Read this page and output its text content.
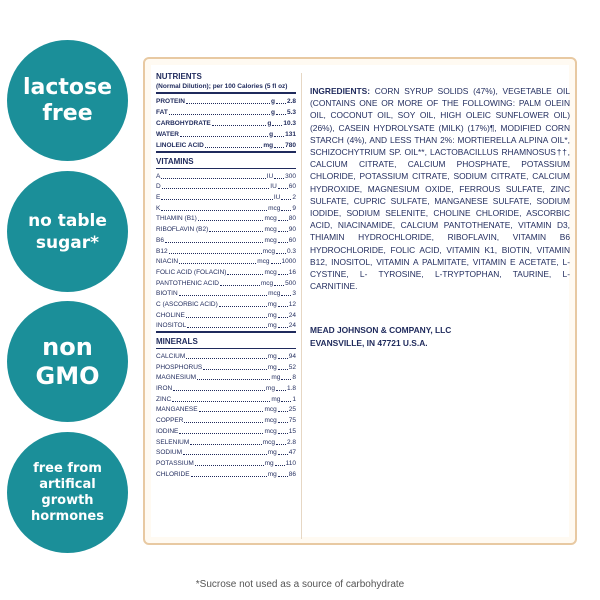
lactose
free
no table
sugar*
non
GMO
free from
artifical
growth
hormones
NUTRIENTS
(Normal Dilution); per 100 Calories (5 fl oz)
PROTEIN	g 2.8
FAT	g 5.3
CARBOHYDRATE	g 10.3
WATER	g 131
LINOLEIC ACID	mg 780
VITAMINS
A	IU 300
D	IU 60
E	IU 2
K	mcg 9
THIAMIN (B1)	mcg 80
RIBOFLAVIN (B2)	mcg 90
B6	mcg 60
B12	mcg 0.3
NIACIN	mcg 1000
FOLIC ACID (FOLACIN)	mcg 16
PANTOTHENIC ACID	mcg 500
BIOTIN	mcg 3
C (ASCORBIC ACID)	mg 12
CHOLINE	mg 24
INOSITOL	mg 24
MINERALS
CALCIUM	mg 94
PHOSPHORUS	mg 52
MAGNESIUM	mg 8
IRON	mg 1.8
ZINC	mg 1
MANGANESE	mcg 25
COPPER	mcg 75
IODINE	mcg 15
SELENIUM	mcg 2.8
SODIUM	mg 47
POTASSIUM	mg 110
CHLORIDE	mg 86
INGREDIENTS: CORN SYRUP SOLIDS (47%), VEGETABLE OIL (CONTAINS ONE OR MORE OF THE FOLLOWING: PALM OLEIN OIL, COCONUT OIL, SOY OIL, HIGH OLEIC SUNFLOWER OIL) (26%), CASEIN HYDROLYSATE (MILK) (17%)¶, MODIFIED CORN STARCH (4%), AND LESS THAN 2%: MORTIERELLA ALPINA OIL*, SCHIZOCHYTRIUM SP. OIL**, LACTOBACILLUS RHAMNOSUS††, CALCIUM CITRATE, CALCIUM PHOSPHATE, POTASSIUM CHLORIDE, POTASSIUM CITRATE, SODIUM CITRATE, CALCIUM HYDROXIDE, MAGNESIUM OXIDE, FERROUS SULFATE, ZINC SULFATE, CUPRIC SULFATE, MANGANESE SULFATE, SODIUM IODIDE, SODIUM SELENITE, CHOLINE CHLORIDE, ASCORBIC ACID, NIACINAMIDE, CALCIUM PANTOTHENATE, VITAMIN D3, THIAMIN HYDROCHLORIDE, RIBOFLAVIN, VITAMIN B6 HYDROCHLORIDE, FOLIC ACID, VITAMIN K1, BIOTIN, VITAMIN B12, INOSITOL, VITAMIN A PALMITATE, VITAMIN E ACETATE, L-CYSTINE, L- TYROSINE, L-TRYPTOPHAN, TAURINE, L-CARNITINE.
MEAD JOHNSON & COMPANY, LLC
EVANSVILLE, IN 47721 U.S.A.
*Sucrose not used as a source of carbohydrate
